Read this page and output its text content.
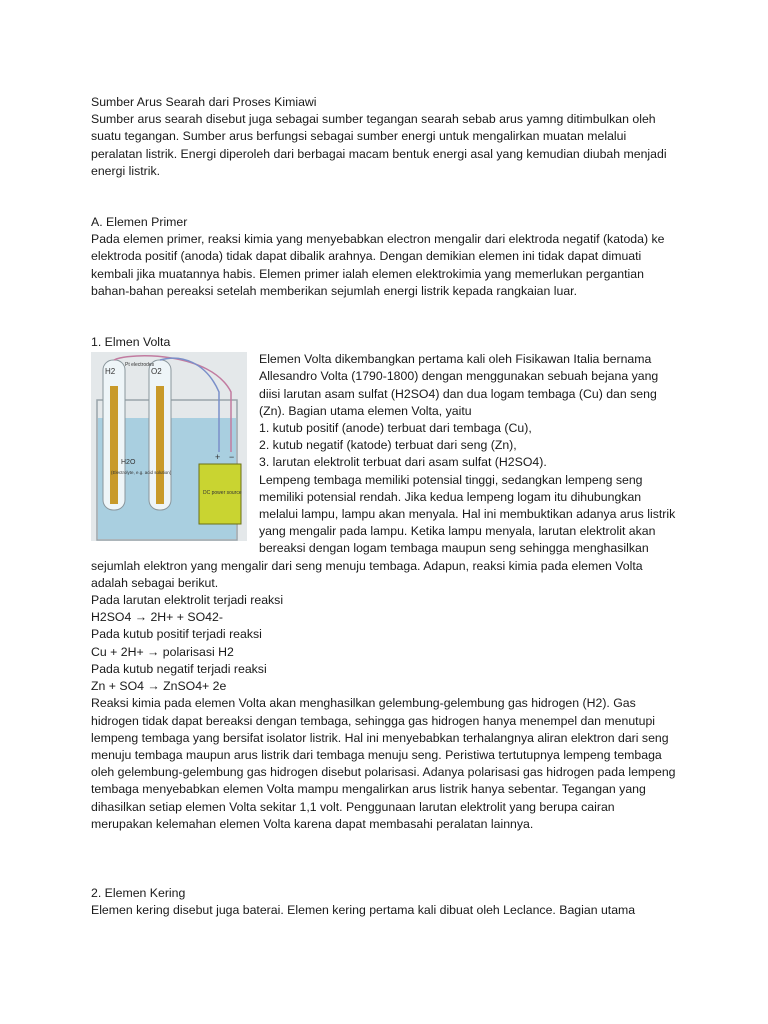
Sumber Arus Searah dari Proses Kimiawi

Sumber arus searah disebut juga sebagai sumber tegangan searah sebab arus yamng ditimbulkan oleh suatu tegangan. Sumber arus berfungsi sebagai sumber energi untuk mengalirkan muatan melalui peralatan listrik. Energi diperoleh dari berbagai macam bentuk energi asal yang kemudian diubah menjadi energi listrik.

A. Elemen Primer

Pada elemen primer, reaksi kimia yang menyebabkan electron mengalir dari elektroda negatif (katoda) ke elektroda positif (anoda) tidak dapat dibalik arahnya. Dengan demikian elemen ini tidak dapat dimuati kembali jika muatannya habis. Elemen primer ialah elemen elektrokimia yang memerlukan pergantian bahan-bahan pereaksi setelah memberikan sejumlah energi listrik kepada rangkaian luar.

1. Elmen Volta

H2	O2
Pt electrodes
H2O
(Electrolyte, e.g. acid solution)
+ −
DC power source

Elemen Volta dikembangkan pertama kali oleh Fisikawan Italia bernama Allesandro Volta (1790-1800) dengan menggunakan sebuah bejana yang diisi larutan asam sulfat (H2SO4) dan dua logam tembaga (Cu) dan seng (Zn). Bagian utama elemen Volta, yaitu

1. kutub positif (anode) terbuat dari tembaga (Cu),

2. kutub negatif (katode) terbuat dari seng (Zn),

3. larutan elektrolit terbuat dari asam sulfat (H2SO4).

Lempeng tembaga memiliki potensial tinggi, sedangkan lempeng seng memiliki potensial rendah. Jika kedua lempeng logam itu dihubungkan melalui lampu, lampu akan menyala. Hal ini membuktikan adanya arus listrik yang mengalir pada lampu. Ketika lampu menyala, larutan elektrolit akan bereaksi dengan logam tembaga maupun seng sehingga menghasilkan sejumlah elektron yang mengalir dari seng menuju tembaga. Adapun, reaksi kimia pada elemen Volta adalah sebagai berikut.

Pada larutan elektrolit terjadi reaksi

H2SO4 → 2H+ + SO42-

Pada kutub positif terjadi reaksi

Cu + 2H+ → polarisasi H2

Pada kutub negatif terjadi reaksi

Zn + SO4 → ZnSO4+ 2e

Reaksi kimia pada elemen Volta akan menghasilkan gelembung-gelembung gas hidrogen (H2). Gas hidrogen tidak dapat bereaksi dengan tembaga, sehingga gas hidrogen hanya menempel dan menutupi lempeng tembaga yang bersifat isolator listrik. Hal ini menyebabkan terhalangnya aliran elektron dari seng menuju tembaga maupun arus listrik dari tembaga menuju seng. Peristiwa tertutupnya lempeng tembaga oleh gelembung-gelembung gas hidrogen disebut polarisasi. Adanya polarisasi gas hidrogen pada lempeng tembaga menyebabkan elemen Volta mampu mengalirkan arus listrik hanya sebentar. Tegangan yang dihasilkan setiap elemen Volta sekitar 1,1 volt. Penggunaan larutan elektrolit yang berupa cairan merupakan kelemahan elemen Volta karena dapat membasahi peralatan lainnya.

2. Elemen Kering

Elemen kering disebut juga baterai. Elemen kering pertama kali dibuat oleh Leclance. Bagian utama
